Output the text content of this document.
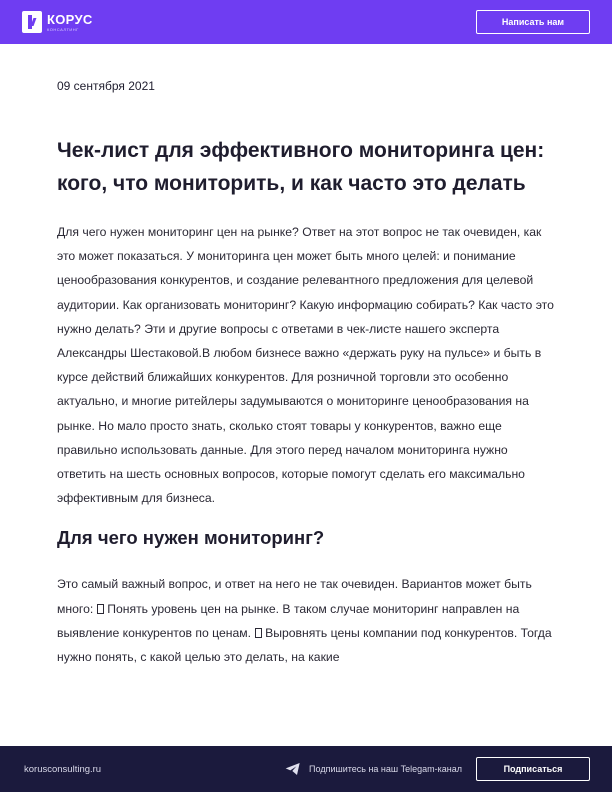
КОРУС
КОНСАЛТИНГ
Написать нам
09 сентября 2021
Чек-лист для эффективного мониторинга цен: кого, что мониторить, и как часто это делать

Для чего нужен мониторинг цен на рынке? Ответ на этот вопрос не так очевиден, как это может показаться. У мониторинга цен может быть много целей: и понимание ценообразования конкурентов, и создание релевантного предложения для целевой аудитории. Как организовать мониторинг? Какую информацию собирать? Как часто это нужно делать? Эти и другие вопросы с ответами в чек-листе нашего эксперта Александры Шестаковой.В любом бизнесе важно «держать руку на пульсе» и быть в курсе действий ближайших конкурентов. Для розничной торговли это особенно актуально, и многие ритейлеры задумываются о мониторинге ценообразования на рынке. Но мало просто знать, сколько стоят товары у конкурентов, важно еще правильно использовать данные. Для этого перед началом мониторинга нужно ответить на шесть основных вопросов, которые помогут сделать его максимально эффективным для бизнеса.

Для чего нужен мониторинг?

Это самый важный вопрос, и ответ на него не так очевиден. Вариантов может быть много: Понять уровень цен на рынке. В таком случае мониторинг направлен на выявление конкурентов по ценам. Выровнять цены компании под конкурентов. Тогда нужно понять, с какой целью это делать, на какие

korusconsulting.ru	Подпишитесь на наш Telegam-канал	Подписаться
